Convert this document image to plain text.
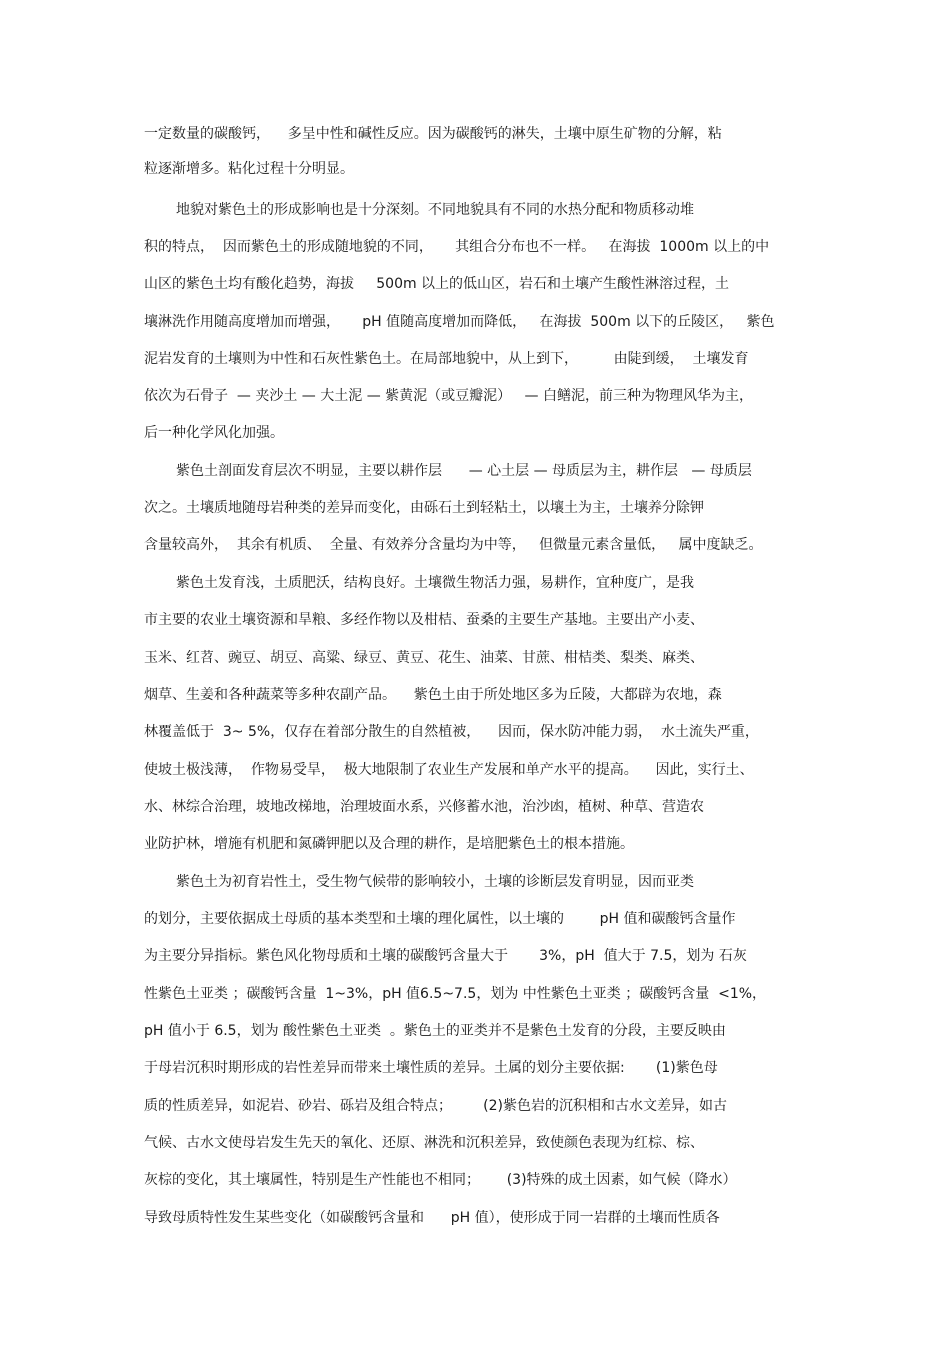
一定数量的碳酸钙，    多呈中性和碱性反应。因为碳酸钙的淋失，土壤中原生矿物的分解，粘
粒逐渐增多。粘化过程十分明显。
地貌对紫色土的形成影响也是十分深刻。不同地貌具有不同的水热分配和物质移动堆
积的特点，  因而紫色土的形成随地貌的不同，     其组合分布也不一样。   在海拔  1000m 以上的中
山区的紫色土均有酸化趋势，海拔     500m 以上的低山区，岩石和土壤产生酸性淋溶过程，土
壤淋洗作用随高度增加而增强，     pH 值随高度增加而降低，   在海拔  500m 以下的丘陵区，   紫色
泥岩发育的土壤则为中性和石灰性紫色土。在局部地貌中，从上到下，        由陡到缓，  土壤发育
依次为石骨子  — 夹沙土 — 大土泥 — 紫黄泥（或豆瓣泥）   — 白鳝泥，前三种为物理风华为主，
后一种化学风化加强。
紫色土剖面发育层次不明显，主要以耕作层      — 心土层 — 母质层为主，耕作层   — 母质层
次之。土壤质地随母岩种类的差异而变化，由砾石土到轻粘土，以壤土为主，土壤养分除钾
含量较高外，  其余有机质、  全量、有效养分含量均为中等，   但微量元素含量低，   属中度缺乏。
紫色土发育浅，土质肥沃，结构良好。土壤微生物活力强，易耕作，宜种度广，是我
市主要的农业土壤资源和旱粮、多经作物以及柑桔、蚕桑的主要生产基地。主要出产小麦、
玉米、红苕、豌豆、胡豆、高粱、绿豆、黄豆、花生、油菜、甘蔗、柑桔类、梨类、麻类、
烟草、生姜和各种蔬菜等多种农副产品。    紫色土由于所处地区多为丘陵，大都辟为农地，森
林覆盖低于  3~ 5%，仅存在着部分散生的自然植被，    因而，保水防冲能力弱，  水土流失严重，
使坡土极浅薄，  作物易受旱，  极大地限制了农业生产发展和单产水平的提高。    因此，实行土、
水、林综合治理，坡地改梯地，治理坡面水系，兴修蓄水池，治沙凼，植树、种草、营造农
业防护林，增施有机肥和氮磷钾肥以及合理的耕作，是培肥紫色土的根本措施。
紫色土为初育岩性土，受生物气候带的影响较小，土壤的诊断层发育明显，因而亚类
的划分，主要依据成土母质的基本类型和土壤的理化属性，以土壤的        pH 值和碳酸钙含量作
为主要分异指标。紫色风化物母质和土壤的碳酸钙含量大于       3%，pH  值大于 7.5，划为 石灰
性紫色土亚类 ；碳酸钙含量  1~3%，pH 值6.5~7.5，划为 中性紫色土亚类 ；碳酸钙含量  <1%，
pH 值小于 6.5，划为 酸性紫色土亚类  。紫色土的亚类并不是紫色土发育的分段，主要反映由
于母岩沉积时期形成的岩性差异而带来土壤性质的差异。土属的划分主要依据:       (1)紫色母
质的性质差异，如泥岩、砂岩、砾岩及组合特点；       (2)紫色岩的沉积相和古水文差异，如古
气候、古水文使母岩发生先天的氧化、还原、淋洗和沉积差异，致使颜色表现为红棕、棕、
灰棕的变化，其土壤属性，特别是生产性能也不相同；      (3)特殊的成土因素，如气候（降水）
导致母质特性发生某些变化（如碳酸钙含量和      pH 值），使形成于同一岩群的土壤而性质各
